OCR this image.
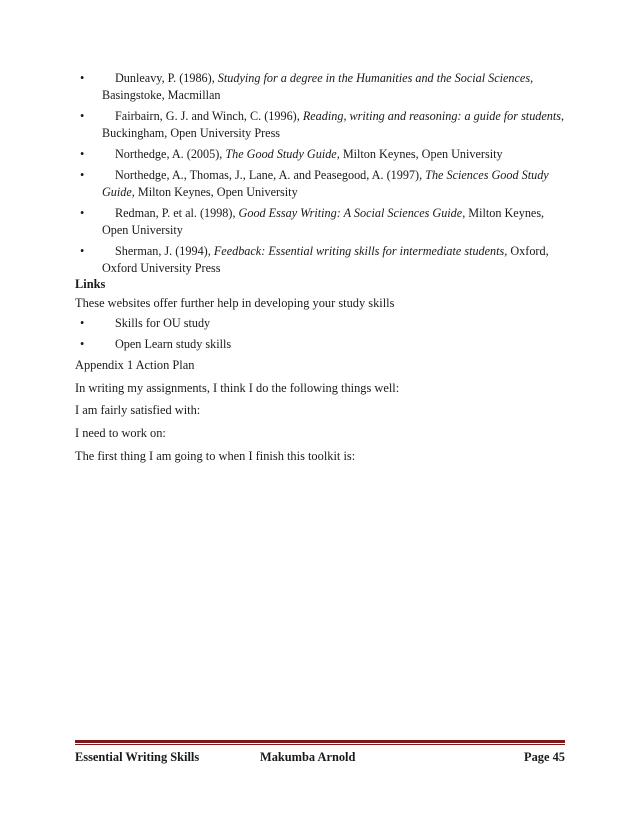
•	Dunleavy, P. (1986), Studying for a degree in the Humanities and the Social Sciences, Basingstoke, Macmillan
•	Fairbairn, G. J. and Winch, C. (1996), Reading, writing and reasoning: a guide for students, Buckingham, Open University Press
•	Northedge, A. (2005), The Good Study Guide, Milton Keynes, Open University
•	Northedge, A., Thomas, J., Lane, A. and Peasegood, A. (1997), The Sciences Good Study Guide, Milton Keynes, Open University
•	Redman, P. et al. (1998), Good Essay Writing: A Social Sciences Guide, Milton Keynes, Open University
•	Sherman, J. (1994), Feedback: Essential writing skills for intermediate students, Oxford, Oxford University Press
Links
These websites offer further help in developing your study skills
•	Skills for OU study
•	Open Learn study skills
Appendix 1 Action Plan
In writing my assignments, I think I do the following things well:
I am fairly satisfied with:
I need to work on:
The first thing I am going to when I finish this toolkit is:
Essential Writing Skills	Makumba Arnold	Page 45
